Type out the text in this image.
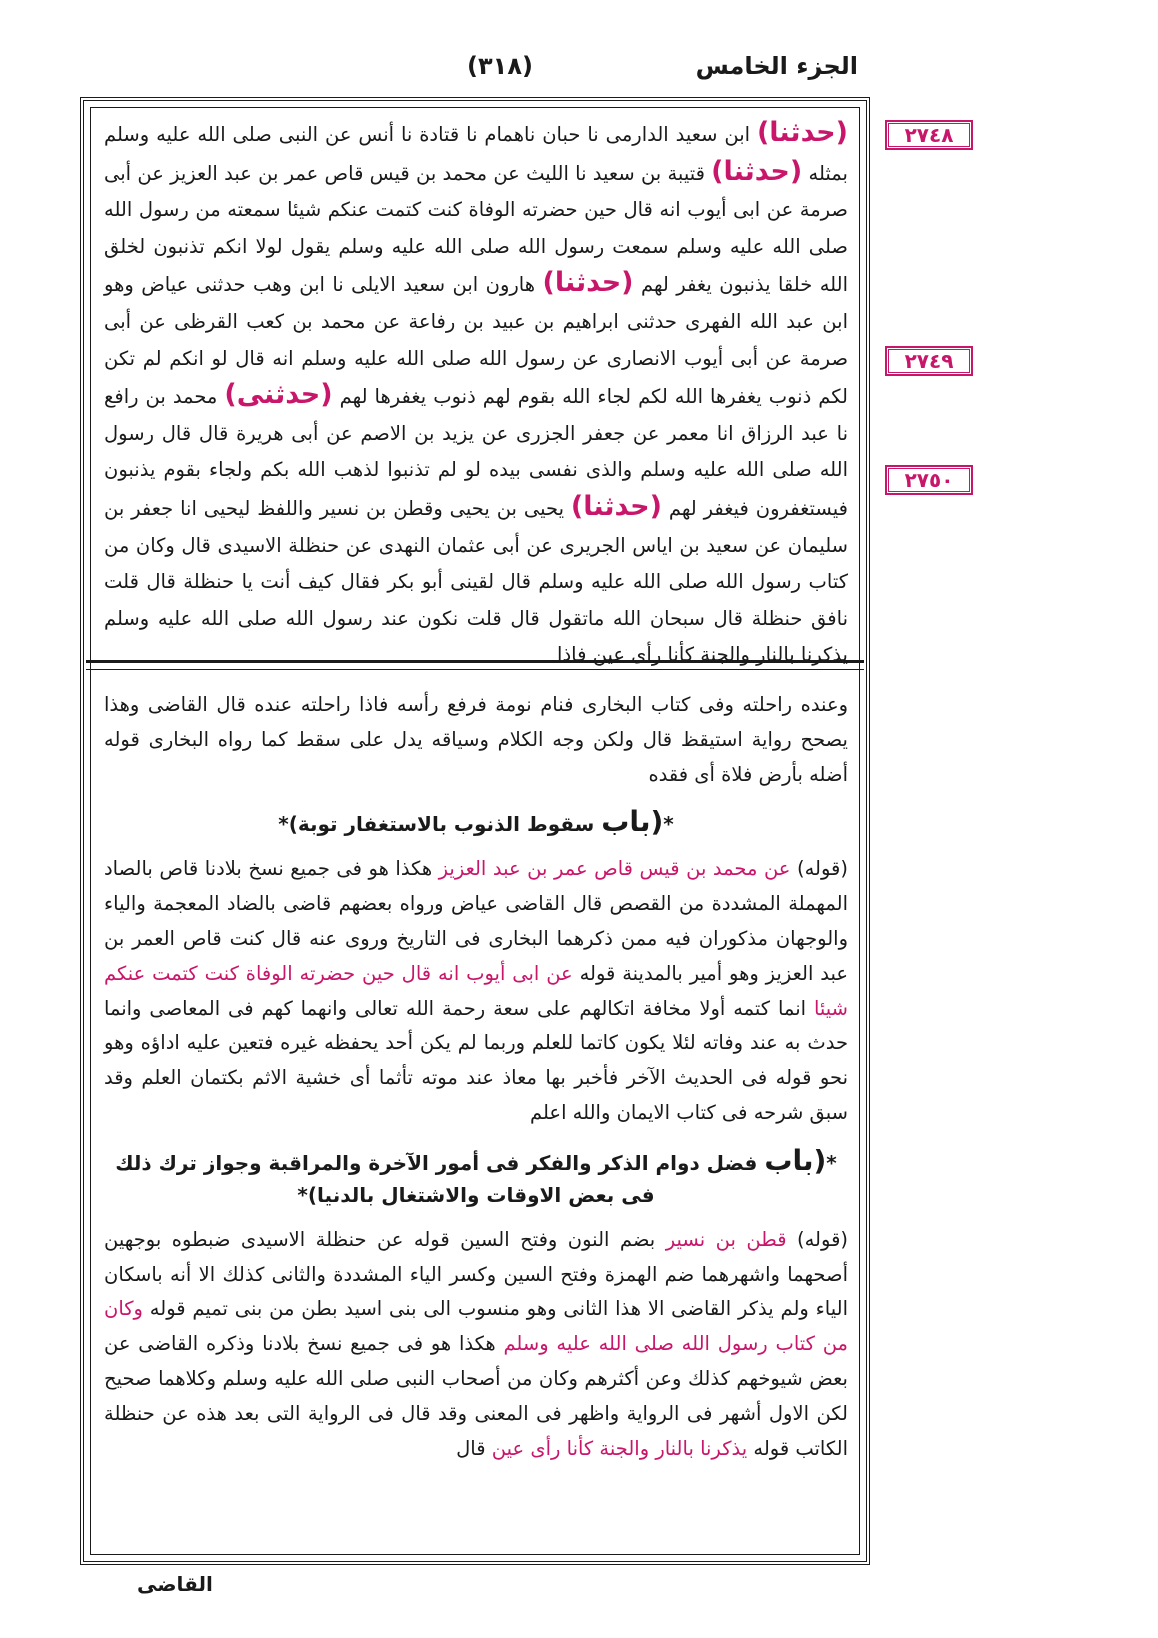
(٣١٨)	الجزء الخامس
٢٧٤٨
٢٧٤٩
٢٧٥٠
(حدثنا) ابن سعيد الدارمى نا حبان ناهمام نا قتادة نا أنس عن النبى صلى الله عليه وسلم بمثله (حدثنا) قتيبة بن سعيد نا الليث عن محمد بن قيس قاص عمر بن عبد العزيز عن أبى صرمة عن ابى أيوب انه قال حين حضرته الوفاة كنت كتمت عنكم شيئا سمعته من رسول الله صلى الله عليه وسلم سمعت رسول الله صلى الله عليه وسلم يقول لولا انكم تذنبون لخلق الله خلقا يذنبون يغفر لهم (حدثنا) هارون ابن سعيد الايلى نا ابن وهب حدثنى عياض وهو ابن عبد الله الفهرى حدثنى ابراهيم بن عبيد بن رفاعة عن محمد بن كعب القرظى عن أبى صرمة عن أبى أيوب الانصارى عن رسول الله صلى الله عليه وسلم انه قال لو انكم لم تكن لكم ذنوب يغفرها الله لكم لجاء الله بقوم لهم ذنوب يغفرها لهم (حدثنى) محمد بن رافع نا عبد الرزاق انا معمر عن جعفر الجزرى عن يزيد بن الاصم عن أبى هريرة قال قال رسول الله صلى الله عليه وسلم والذى نفسى بيده لو لم تذنبوا لذهب الله بكم ولجاء بقوم يذنبون فيستغفرون فيغفر لهم (حدثنا) يحيى بن يحيى وقطن بن نسير واللفظ ليحيى انا جعفر بن سليمان عن سعيد بن اياس الجريرى عن أبى عثمان النهدى عن حنظلة الاسيدى قال وكان من كتاب رسول الله صلى الله عليه وسلم قال لقينى أبو بكر فقال كيف أنت يا حنظلة قال قلت نافق حنظلة قال سبحان الله ماتقول قال قلت نكون عند رسول الله صلى الله عليه وسلم يذكرنا بالنار والجنة كأنا رأى عين فاذا

وعنده راحلته وفى كتاب البخارى فنام نومة فرفع رأسه فاذا راحلته عنده قال القاضى وهذا يصحح رواية استيقظ قال ولكن وجه الكلام وسياقه يدل على سقط كما رواه البخارى قوله أضله بأرض فلاة أى فقده

*(باب سقوط الذنوب بالاستغفار توبة)*

(قوله) عن محمد بن قيس قاص عمر بن عبد العزيز هكذا هو فى جميع نسخ بلادنا قاص بالصاد المهملة المشددة من القصص قال القاضى عياض ورواه بعضهم قاضى بالضاد المعجمة والياء والوجهان مذكوران فيه ممن ذكرهما البخارى فى التاريخ وروى عنه قال كنت قاص العمر بن عبد العزيز وهو أمير بالمدينة قوله عن ابى أيوب انه قال حين حضرته الوفاة كنت كتمت عنكم شيئا انما كتمه أولا مخافة اتكالهم على سعة رحمة الله تعالى وانهما كهم فى المعاصى وانما حدث به عند وفاته لئلا يكون كاتما للعلم وربما لم يكن أحد يحفظه غيره فتعين عليه اداؤه وهو نحو قوله فى الحديث الآخر فأخبر بها معاذ عند موته تأثما أى خشية الاثم بكتمان العلم وقد سبق شرحه فى كتاب الايمان والله اعلم

*(باب فضل دوام الذكر والفكر فى أمور الآخرة والمراقبة وجواز ترك ذلك فى بعض الاوقات والاشتغال بالدنيا)*

(قوله) قطن بن نسير بضم النون وفتح السين قوله عن حنظلة الاسيدى ضبطوه بوجهين أصحهما واشهرهما ضم الهمزة وفتح السين وكسر الياء المشددة والثانى كذلك الا أنه باسكان الياء ولم يذكر القاضى الا هذا الثانى وهو منسوب الى بنى اسيد بطن من بنى تميم قوله وكان من كتاب رسول الله صلى الله عليه وسلم هكذا هو فى جميع نسخ بلادنا وذكره القاضى عن بعض شيوخهم كذلك وعن أكثرهم وكان من أصحاب النبى صلى الله عليه وسلم وكلاهما صحيح لكن الاول أشهر فى الرواية واظهر فى المعنى وقد قال فى الرواية التى بعد هذه عن حنظلة الكاتب قوله يذكرنا بالنار والجنة كأنا رأى عين قال

القاضى
